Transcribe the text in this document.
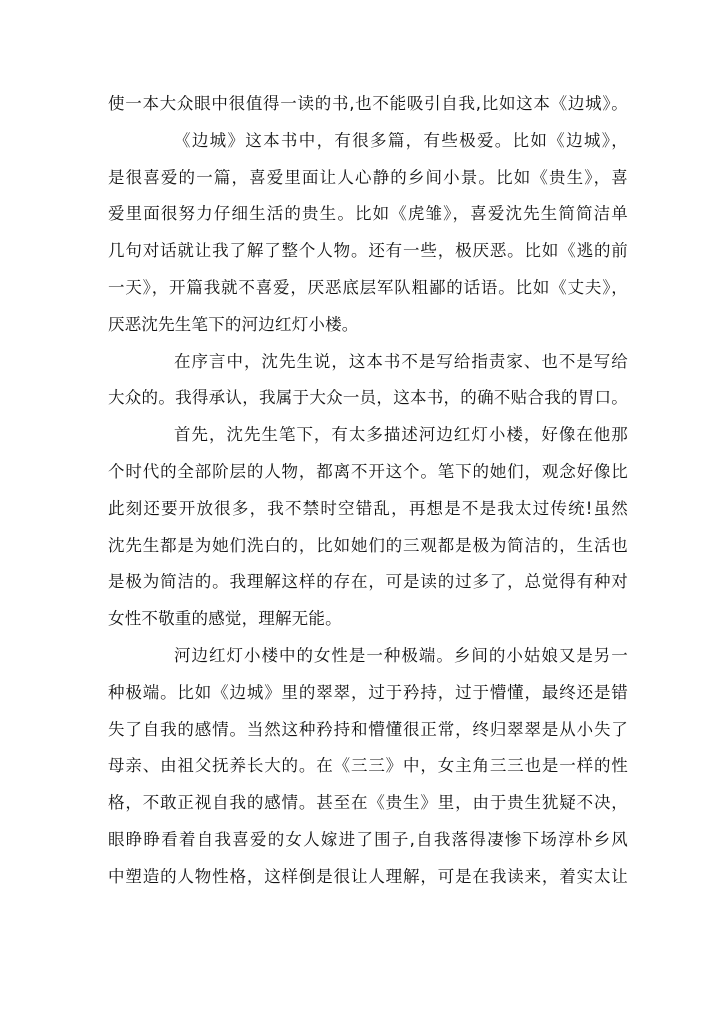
使一本大众眼中很值得一读的书,也不能吸引自我,比如这本《边城》。
《边城》这本书中，有很多篇，有些极爱。比如《边城》，
是很喜爱的一篇，喜爱里面让人心静的乡间小景。比如《贵生》，喜
爱里面很努力仔细生活的贵生。比如《虎雏》，喜爱沈先生简简洁单
几句对话就让我了解了整个人物。还有一些，极厌恶。比如《逃的前
一天》，开篇我就不喜爱，厌恶底层军队粗鄙的话语。比如《丈夫》，
厌恶沈先生笔下的河边红灯小楼。
在序言中，沈先生说，这本书不是写给指责家、也不是写给
大众的。我得承认，我属于大众一员，这本书，的确不贴合我的胃口。
首先，沈先生笔下，有太多描述河边红灯小楼，好像在他那
个时代的全部阶层的人物，都离不开这个。笔下的她们，观念好像比
此刻还要开放很多，我不禁时空错乱，再想是不是我太过传统!虽然
沈先生都是为她们洗白的，比如她们的三观都是极为简洁的，生活也
是极为简洁的。我理解这样的存在，可是读的过多了，总觉得有种对
女性不敬重的感觉，理解无能。
河边红灯小楼中的女性是一种极端。乡间的小姑娘又是另一
种极端。比如《边城》里的翠翠，过于矜持，过于懵懂，最终还是错
失了自我的感情。当然这种矜持和懵懂很正常，终归翠翠是从小失了
母亲、由祖父抚养长大的。在《三三》中，女主角三三也是一样的性
格，不敢正视自我的感情。甚至在《贵生》里，由于贵生犹疑不决，
眼睁睁看着自我喜爱的女人嫁进了围子,自我落得凄惨下场淳朴乡风
中塑造的人物性格，这样倒是很让人理解，可是在我读来，着实太让
